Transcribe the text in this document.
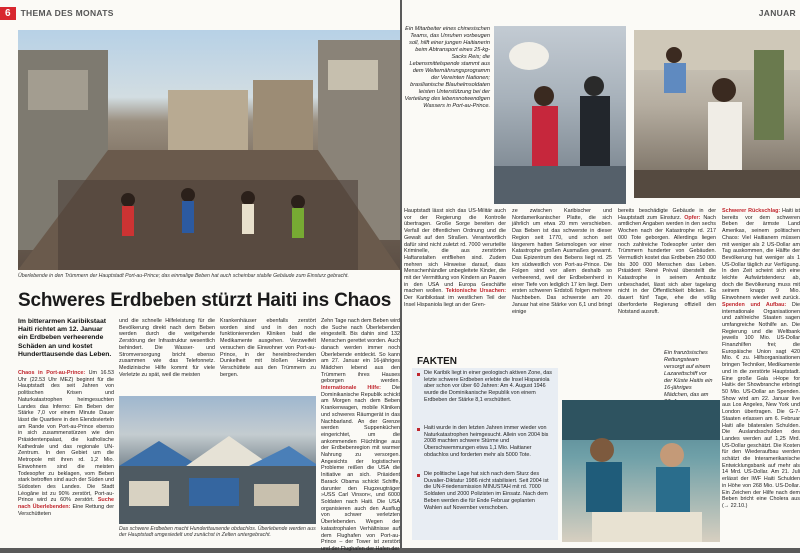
6	THEMA DES MONATS
Überlebende in den Trümmern der Hauptstadt Port-au-Prince; das einmalige Beben hat auch scheinbar stabile Gebäude zum Einsturz gebracht.
Schweres Erdbeben stürzt Haiti ins Chaos
Im bitterarmen Karibikstaat Haiti richtet am 12. Januar ein Erdbeben verheerende Schäden an und kostet Hunderttausende das Leben.
Chaos in Port-au-Prince: Um 16.53 Uhr (22.53 Uhr MEZ) beginnt für die Hauptstadt des seit Jahren von politischen Krisen und Naturkatastrophen heimgesuchten Landes das Inferno: Ein Beben der Stärke 7,0 vor einem Minute Dauer lässt die Quartiere in den Elendsvierteln am Rande von Port-au-Prince ebenso in sich zusammenstürzen wie den Präsidentenpalast, die katholische Kathedrale und das regionale UN-Zentrum. In den Gebiet um die Metropole mit ihren rd. 1,2 Mio. Einwohnern sind die meisten Todesopfer zu beklagen, vom Beben stark betroffen sind auch der Süden und Südosten des Landes. Die Stadt Léogâne ist zu 90% zerstört, Port-au-Prince wird zu 60% zerstört. Suche nach Überlebenden: Eine Rettung der Verschütteten
und die schnelle Hilfeleistung für die Bevölkerung direkt nach dem Beben werden durch die weitgehende Zerstörung der Infrastruktur wesentlich behindert. Die Wasser- und Stromversorgung bricht ebenso zusammen wie das Telefonnetz. Medizinische Hilfe kommt für viele Verletzte zu spät, weil die meisten
Krankenhäuser ebenfalls zerstört worden sind und in den noch funktionierenden Kliniken bald die Medikamente ausgehen. Verzweifelt versuchen die Einwohner von Port-au-Prince, in der hereinbrechenden Dunkelheit mit bloßen Händen Verschüttete aus den Trümmern zu bergen.
Zehn Tage nach dem Beben wird die Suche nach Überlebenden eingestellt. Bis dahin sind 132 Menschen gerettet worden. Auch danach werden immer noch Überlebende entdeckt. So kann am 27. Januar ein 16-jähriges Mädchen lebend aus den Trümmern ihres Hauses geborgen werden. Internationale Hilfe: Die Dominikanische Republik schickt am Morgen nach dem Beben Krankenwagen, mobile Kliniken und schweres Räumgerät in das Nachbarland. An der Grenze werden Suppenküchen eingerichtet, um die ankommenden Flüchtlinge aus der Erdbebenregion mit warmer Nahrung zu versorgen. Angesichts der logistischen Probleme reißen die USA die Initiative an sich. Präsident Barack Obama schickt Schiffe, darunter den Flugzeugträger »USS Carl Vinson«, und 6000 Soldaten nach Haiti. Die USA organisieren auch den Ausflug von schwer verletzten Überlebenden. Wegen der katastrophalen Verhältnisse auf dem Flughafen von Port-au-Prince – der Tower ist zerstört und der Flughafen der Hafen der
Das schwere Erdbeben macht Hunderttausende obdachlos. Überlebende werden aus der Hauptstadt umgesiedelt und zunächst in Zelten untergebracht.
JANUAR
Ein Mitarbeiter eines chinesischen Teams, das Unruhen vorbeugen soll, hilft einer jungen Haitianerin beim Abtransport eines 25-kg-Sacks Reis; die Lebensmittelspende stammt aus dem Welternährungsprogramm der Vereinten Nationen; brasilianische Blauhelmsoldaten leisten Unterstützung bei der Verteilung des lebensnotwendigen Wassers in Port-au-Prince.
Hauptstadt lässt sich das US-Militär auch vor der Regierung die Kontrolle übertragen. Große Sorge bereiten der Verfall der öffentlichen Ordnung und die Gewalt auf den Straßen. Verantwortlich dafür sind nicht zuletzt rd. 7000 verurteilte Kriminelle, die aus zerstörten Haftanstalten entfliehen sind. Zudem mehren sich Hinweise darauf, dass Menschenhändler unbegleitete Kinder, die mit der Vermittlung von Kindern an Paaren in den USA und Europa Geschäfte machen wollen. Tektonische Ursachen: Der Karibikstaat im westlichen Teil der Insel Hispaniola liegt an der Gren-
ze zwischen Karibischer und Nordamerikanischer Platte, die sich jährlich um etwa 20 mm verschieben. Das Beben ist das schwerste in dieser Region seit 1770, und schon seit längerem hatten Seismologen vor einer Katastrophe großen Ausmaßes gewarnt. Das Epizentrum des Bebens liegt rd. 25 km südwestlich von Port-au-Prince. Die Folgen sind vor allem deshalb so verheerend, weil der Erdbebenherd in einer Tiefe von lediglich 17 km liegt. Dem ersten schweren Erdstoß folgen mehrere Nachbeben. Das schwerste am 20. Januar hat eine Stärke von 6,1 und bringt einige
bereits beschädigte Gebäude in der Hauptstadt zum Einsturz. Opfer: Nach amtlichen Angaben werden in den sechs Wochen nach der Katastrophe rd. 217 000 Tote geborgen. Allerdings liegen noch zahlreiche Todesopfer unter den Trümmern hunderter von Gebäuden. Vermutlich kostet das Erdbeben 250 000 bis 300 000 Menschen das Leben. Präsident René Préval überstellt die Katastrophe in seinem Amtssitz unbeschadet, lässt sich aber tagelang nicht in der Öffentlichkeit blicken. Es dauert fünf Tage, ehe die völlig überforderte Regierung offiziell den Notstand ausruft.
Schwerer Rückschlag: Haiti ist bereits vor dem schweren Beben der ärmste Land Amerikas, seinem politischen Chaos: Viel Haitianern müssen mit weniger als 2 US-Dollar am Tag auskommen, die Hälfte der Bevölkerung hat weniger als 1 US-Dollar täglich zur Verfügung. In den Zeit scheint sich eine leichte Aufwärtstendenz ab, doch die Bevölkerung muss mit seinem knapp 9 Mio. Einwohnern wieder weit zurück. Spenden und Aufbau: Die internationale Organisationen und zahlreiche Staaten sagen umfangreiche Nothilfe an. Die Regierung und die Weltbank jeweils 100 Mio. US-Dollar Finanzhilfen frei; die Europäische Union sagt 420 Mio. € zu. Hilfsorganisationen bringen Techniker, Medikamente und in die zerstörte Hauptstadt. Eine große Gala »Hope for Haiti« der Showbranche erbringt 50 Mio. US-Dollar an Spenden. Show wird am 22. Januar live aus Los Angeles, New York und London übertragen. Die G-7-Staaten erlassen am 6. Februar Haiti alle bilateralen Schulden. Die Auslandsschulden des Landes werden auf 1,25 Mrd. US-Dollar geschätzt. Die Kosten für den Wiederaufbau werden schätzt die Interamerikanische Entwicklungsbank auf mehr als 14 Mrd. US-Dollar. Am 21. Juli erlässt der IWF Haiti Schulden in Höhe von 268 Mio. US-Dollar. Ein Zeichen der Hilfe nach dem Beben bricht eine Cholera aus (→ 22.10.)
Ein französisches Rettungsteam versorgt auf einem Lazarettschiff vor der Küste Haitis ein 16-jähriges Mädchen, das am
FAKTEN
Die Karibik liegt in einer geologisch aktiven Zone, das letzte schwere Erdbeben erlebte die Insel Hispaniola aber schon vor über 60 Jahren: Am 4. August 1946 wurde die Dominikanische Republik von einem Erdbeben der Stärke 8,1 erschüttert.
Haiti wurde in den letzten Jahren immer wieder von Naturkatastrophen heimgesucht. Allein von 2004 bis 2008 machten schwere Stürme und Überschwemmungen etwa 1,1 Mio. Haitianer obdachlos und forderten mehr als 5000 Tote.
Die politische Lage hat sich nach dem Sturz des Duvalier-Diktatur 1986 nicht stabilisiert. Seit 2004 ist die UN-Friedensmission MINUSTAH mit rd. 7000 Soldaten und 2000 Polizisten im Einsatz. Nach dem Beben werden die für Ende Februar geplanten Wahlen auf November verschoben.
